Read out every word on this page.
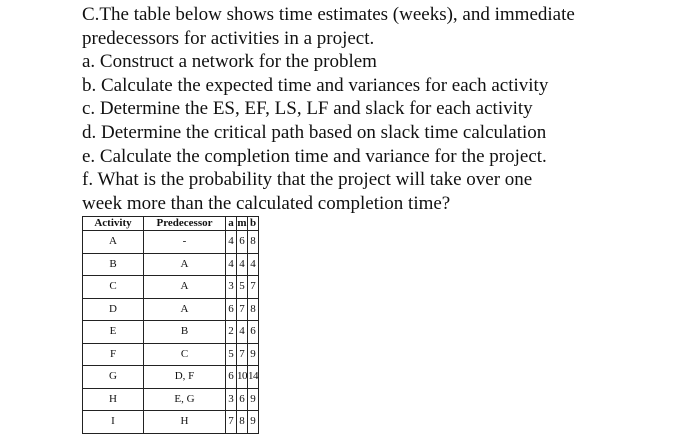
C.The table below shows time estimates (weeks), and immediate
predecessors for activities in a project.
a. Construct a network for the problem
b. Calculate the expected time and variances for each activity
c. Determine the ES, EF, LS, LF and slack for each activity
d. Determine the critical path based on slack time calculation
e. Calculate the completion time and variance for the project.
f. What is the probability that the project will take over one
week more than the calculated completion time?
Activity	Predecessor	a	m	b
A	-	4	6	8
B	A	4	4	4
C	A	3	5	7
D	A	6	7	8
E	B	2	4	6
F	C	5	7	9
G	D, F	6	10	14
H	E, G	3	6	9
I	H	7	8	9
